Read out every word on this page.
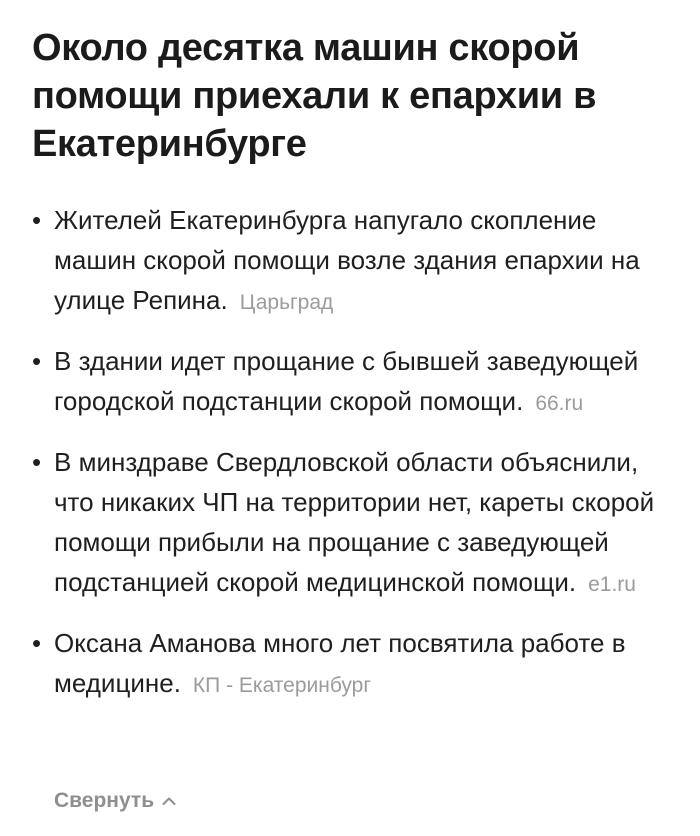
Около десятка машин скорой помощи приехали к епархии в Екатеринбурге
• Жителей Екатеринбурга напугало скопление машин скорой помощи возле здания епархии на улице Репина. Царьград
• В здании идет прощание с бывшей заведующей городской подстанции скорой помощи. 66.ru
• В минздраве Свердловской области объяснили, что никаких ЧП на территории нет, кареты скорой помощи прибыли на прощание с заведующей подстанцией скорой медицинской помощи. e1.ru
• Оксана Аманова много лет посвятила работе в медицине. КП - Екатеринбург
Свернуть
